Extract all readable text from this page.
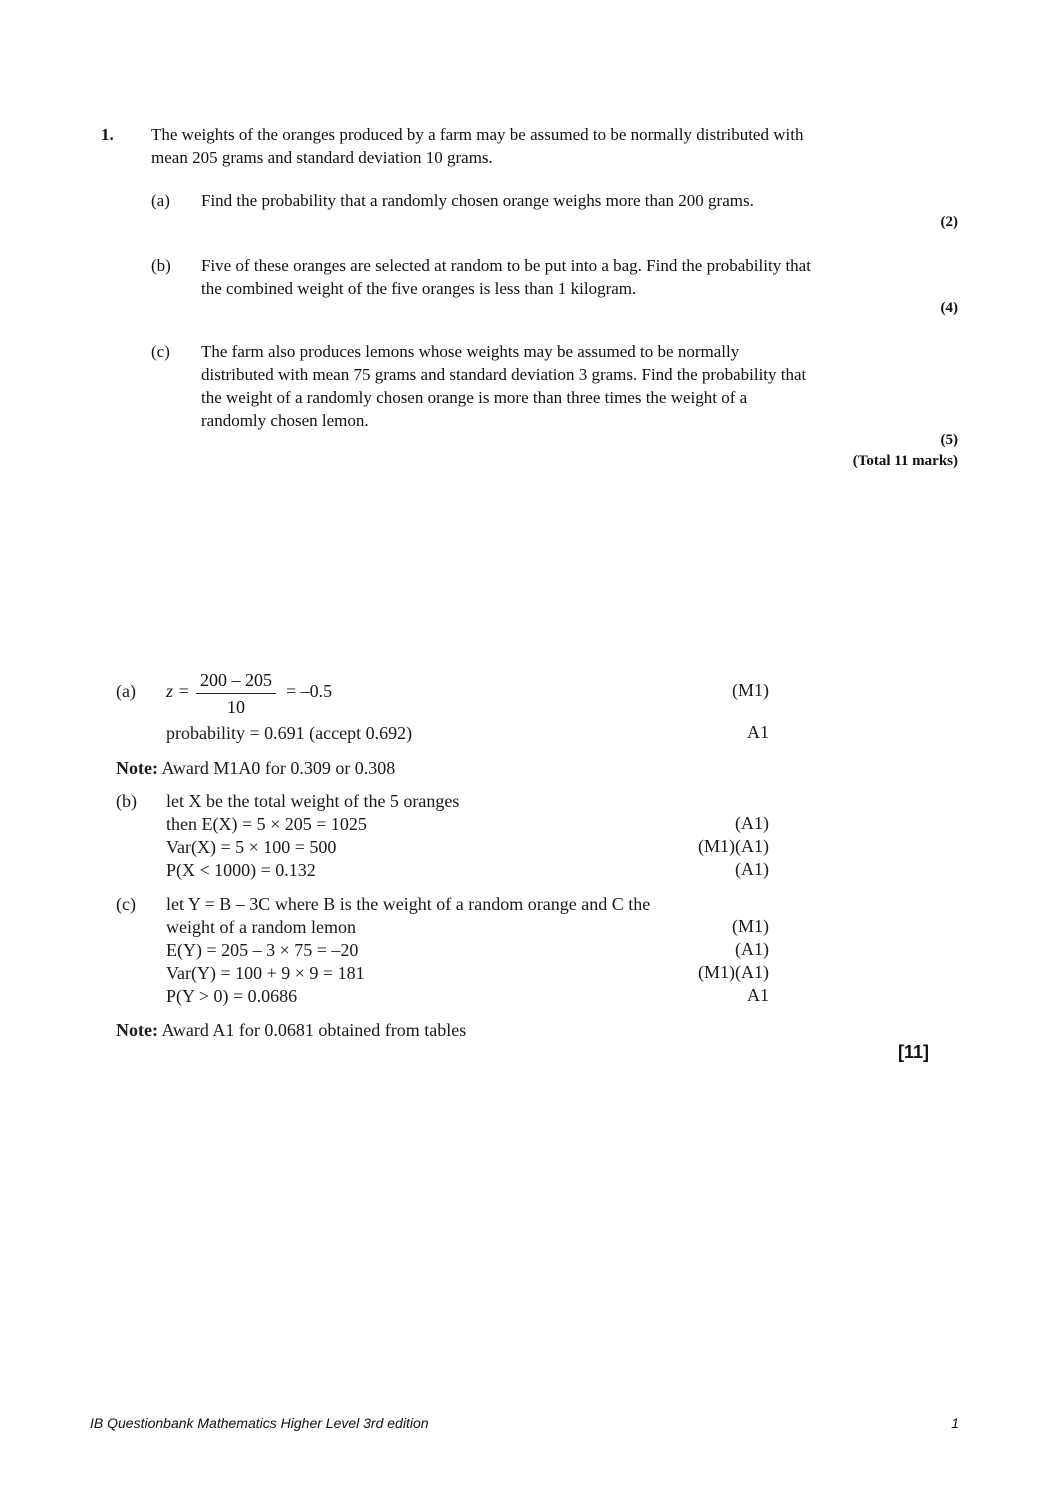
1. The weights of the oranges produced by a farm may be assumed to be normally distributed with
mean 205 grams and standard deviation 10 grams.
(a) Find the probability that a randomly chosen orange weighs more than 200 grams.
(2)
(b) Five of these oranges are selected at random to be put into a bag. Find the probability that
the combined weight of the five oranges is less than 1 kilogram.
(4)
(c) The farm also produces lemons whose weights may be assumed to be normally
distributed with mean 75 grams and standard deviation 3 grams. Find the probability that
the weight of a randomly chosen orange is more than three times the weight of a
randomly chosen lemon.
(5)
(Total 11 marks)
(a) z =
200 – 205
10
= –0.5	(M1)
probability = 0.691 (accept 0.692)	A1
Note: Award M1A0 for 0.309 or 0.308
(b) let X be the total weight of the 5 oranges
then E(X) = 5 × 205 = 1025	(A1)
Var(X) = 5 × 100 = 500	(M1)(A1)
P(X < 1000) = 0.132	(A1)
(c) let Y = B – 3C where B is the weight of a random orange and C the
weight of a random lemon	(M1)
E(Y) = 205 – 3 × 75 = –20	(A1)
Var(Y) = 100 + 9 × 9 = 181	(M1)(A1)
P(Y > 0) = 0.0686	A1
Note: Award A1 for 0.0681 obtained from tables
[11]
IB Questionbank Mathematics Higher Level 3rd edition	1
